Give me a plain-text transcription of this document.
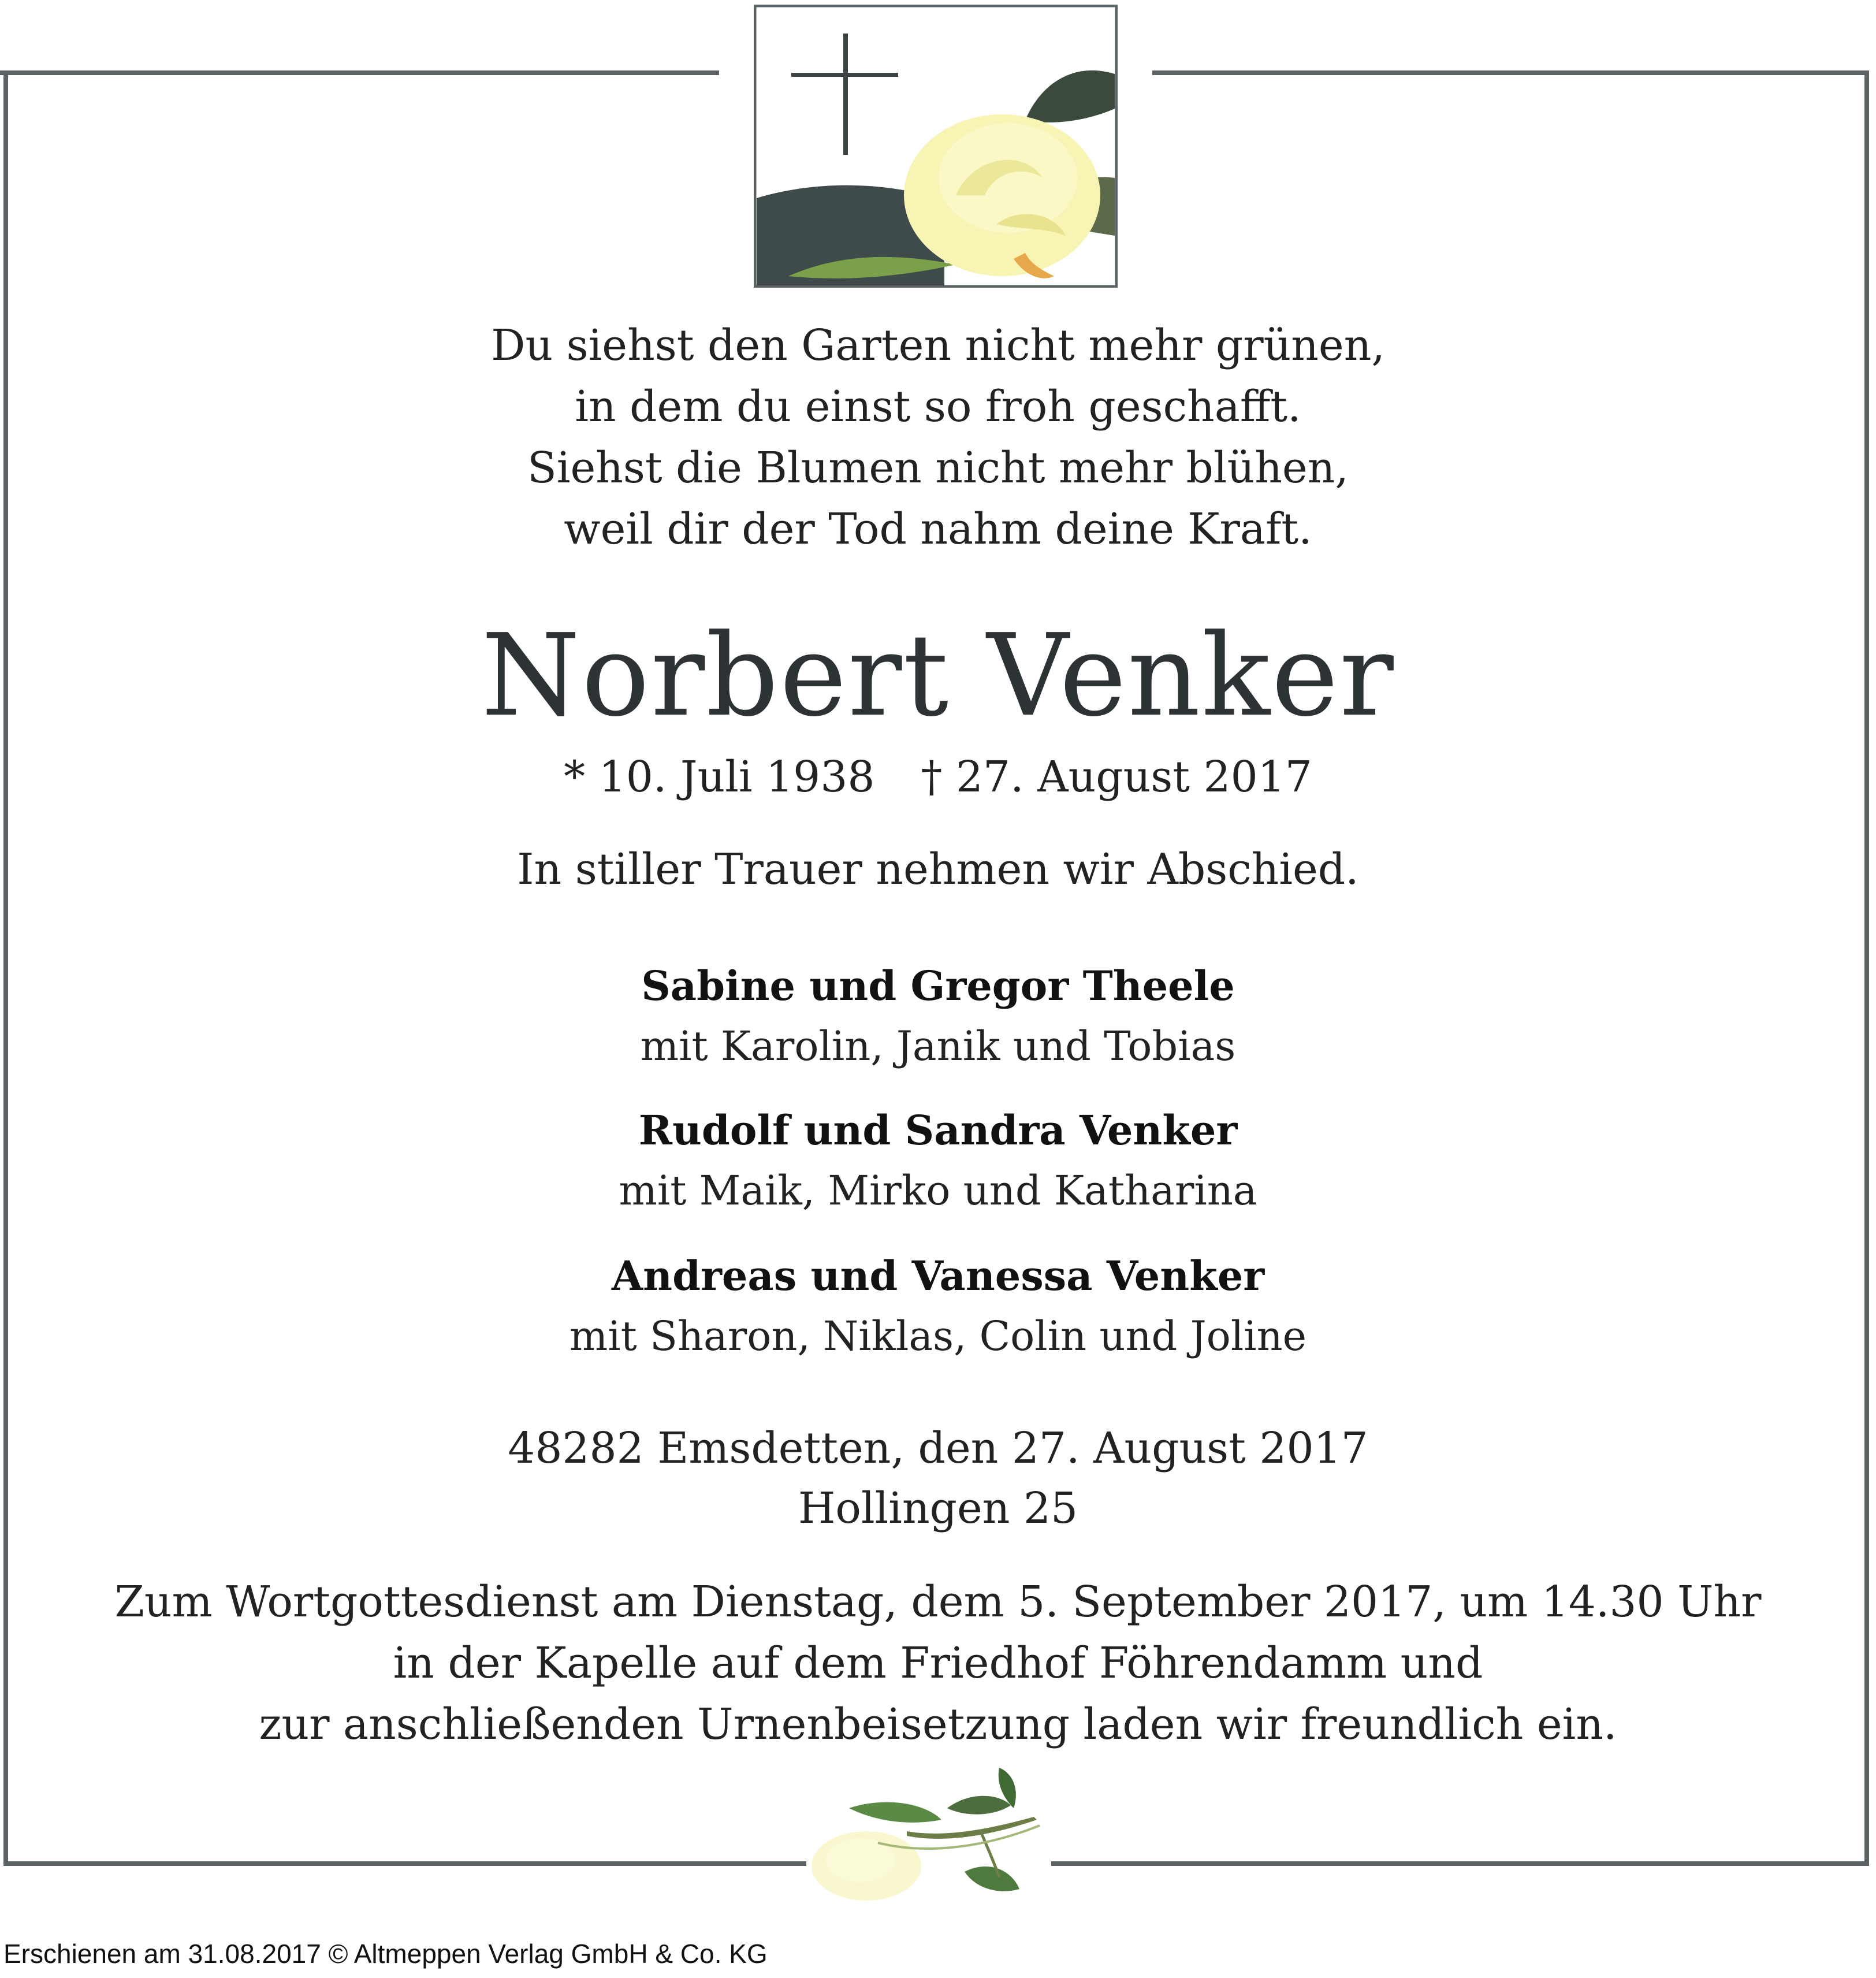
Du siehst den Garten nicht mehr grünen,
in dem du einst so froh geschafft.
Siehst die Blumen nicht mehr blühen,
weil dir der Tod nahm deine Kraft.
Norbert Venker
* 10. Juli 1938 † 27. August 2017
In stiller Trauer nehmen wir Abschied.
Sabine und Gregor Theele
mit Karolin, Janik und Tobias
Rudolf und Sandra Venker
mit Maik, Mirko und Katharina
Andreas und Vanessa Venker
mit Sharon, Niklas, Colin und Joline
48282 Emsdetten, den 27. August 2017
Hollingen 25
Zum Wortgottesdienst am Dienstag, dem 5. September 2017, um 14.30 Uhr
in der Kapelle auf dem Friedhof Föhrendamm und
zur anschließenden Urnenbeisetzung laden wir freundlich ein.
Erschienen am 31.08.2017 © Altmeppen Verlag GmbH & Co. KG
